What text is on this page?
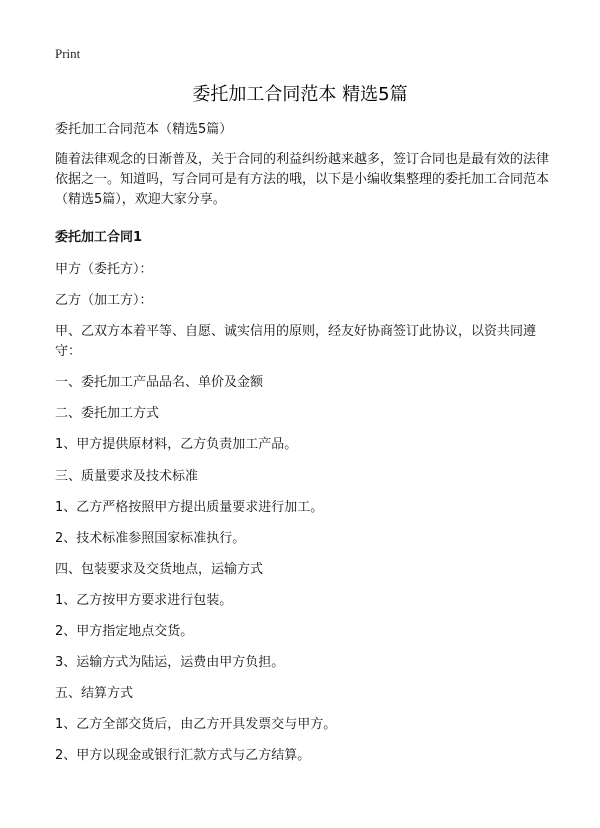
Print
委托加工合同范本 精选5篇

委托加工合同范本（精选5篇）

随着法律观念的日渐普及，关于合同的利益纠纷越来越多，签订合同也是最有效的法律依据之一。知道吗，写合同可是有方法的哦，以下是小编收集整理的委托加工合同范本（精选5篇），欢迎大家分享。

委托加工合同1

甲方（委托方）：

乙方（加工方）：

甲、乙双方本着平等、自愿、诚实信用的原则，经友好协商签订此协议，以资共同遵守：

一、委托加工产品品名、单价及金额

二、委托加工方式

1、甲方提供原材料，乙方负责加工产品。

三、质量要求及技术标准

1、乙方严格按照甲方提出质量要求进行加工。

2、技术标准参照国家标准执行。

四、包装要求及交货地点，运输方式

1、乙方按甲方要求进行包装。

2、甲方指定地点交货。

3、运输方式为陆运，运费由甲方负担。

五、结算方式

1、乙方全部交货后，由乙方开具发票交与甲方。

2、甲方以现金或银行汇款方式与乙方结算。
